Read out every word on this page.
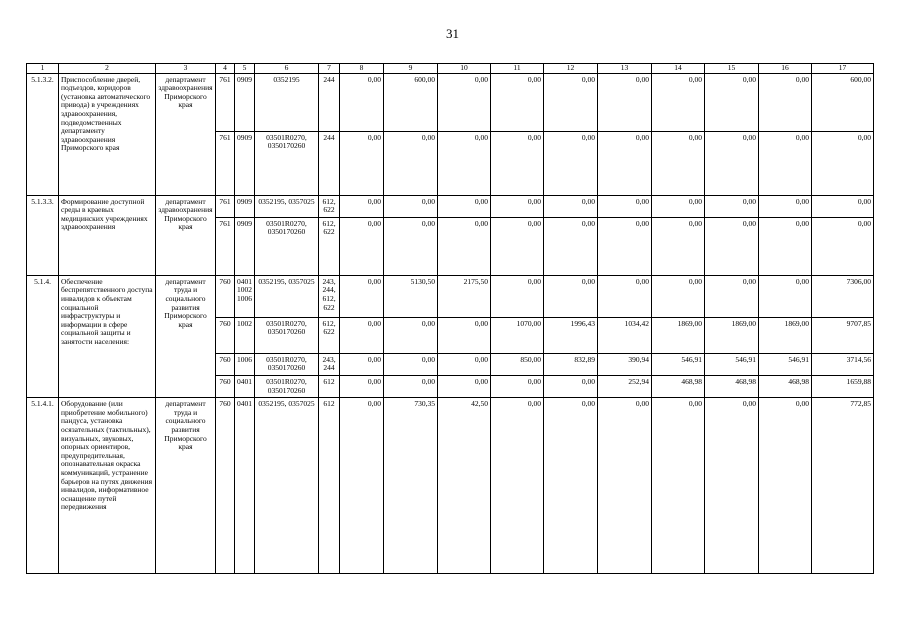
31
1	2	3	4	5	6	7	8	9	10	11	12	13	14	15	16	17
5.1.3.2.	Приспособление дверей, подъездов, коридоров (установка автоматического привода) в учреждениях здравоохранения, подведомственных департаменту здравоохранения Приморского края	департамент здравоохранения Приморского края	761	0909	0352195	244	0,00	600,00	0,00	0,00	0,00	0,00	0,00	0,00	0,00	600,00
			761	0909	03501R0270, 0350170260	244	0,00	0,00	0,00	0,00	0,00	0,00	0,00	0,00	0,00	0,00
5.1.3.3.	Формирование доступной среды в краевых медицинских учреждениях здравоохранения	департамент здравоохранения Приморского края	761	0909	0352195, 0357025	612, 622	0,00	0,00	0,00	0,00	0,00	0,00	0,00	0,00	0,00	0,00
			761	0909	03501R0270, 0350170260	612, 622	0,00	0,00	0,00	0,00	0,00	0,00	0,00	0,00	0,00	0,00
5.1.4.	Обеспечение беспрепятственного доступа инвалидов к объектам социальной инфраструктуры и информации в сфере социальной защиты и занятости населения:	департамент труда и социального развития Приморского края	760	0401 1002 1006	0352195, 0357025	243, 244, 612, 622	0,00	5130,50	2175,50	0,00	0,00	0,00	0,00	0,00	0,00	7306,00
			760	1002	03501R0270, 0350170260	612, 622	0,00	0,00	0,00	1070,00	1996,43	1034,42	1869,00	1869,00	1869,00	9707,85
			760	1006	03501R0270, 0350170260	243, 244	0,00	0,00	0,00	850,00	832,89	390,94	546,91	546,91	546,91	3714,56
			760	0401	03501R0270, 0350170260	612	0,00	0,00	0,00	0,00	0,00	252,94	468,98	468,98	468,98	1659,88
5.1.4.1.	Оборудование (или приобретение мобильного) пандуса, установка осязательных (тактильных), визуальных, звуковых, опорных ориентиров, предупредительная, опознавательная окраска коммуникаций, устранение барьеров на путях движения инвалидов, информативное оснащение путей передвижения	департамент труда и социального развития Приморского края	760	0401	0352195, 0357025	612	0,00	730,35	42,50	0,00	0,00	0,00	0,00	0,00	0,00	772,85
